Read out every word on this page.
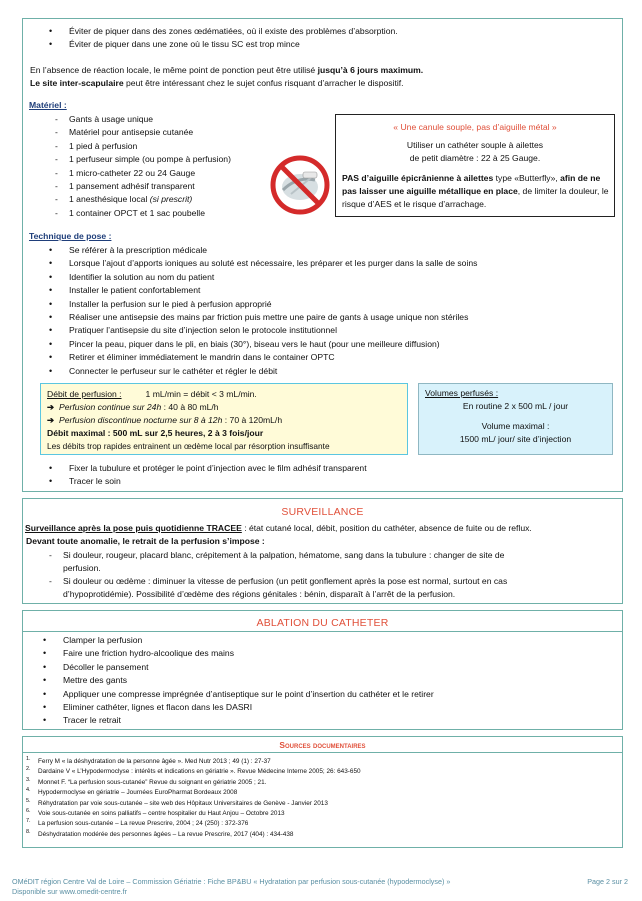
• Éviter de piquer dans des zones œdématiées, où il existe des problèmes d’absorption.
• Éviter de piquer dans une zone où le tissu SC est trop mince
En l’absence de réaction locale, le même point de ponction peut être utilisé jusqu’à 6 jours maximum.
Le site inter-scapulaire peut être intéressant chez le sujet confus risquant d’arracher le dispositif.
Matériel :
- Gants à usage unique
- Matériel pour antisepsie cutanée
- 1 pied à perfusion
- 1 perfuseur simple (ou pompe à perfusion)
- 1 micro-catheter 22 ou 24 Gauge
- 1 pansement adhésif transparent
- 1 anesthésique local (si prescrit)
- 1 container OPCT et 1 sac poubelle
« Une canule souple, pas d’aiguille métal »
Utiliser un cathéter souple à ailettes
de petit diamètre : 22 à 25 Gauge.
PAS d’aiguille épicrânienne à ailettes type «Butterfly», afin de ne pas laisser une aiguille métallique en place, de limiter la douleur, le risque d’AES et le risque d’arrachage.
Technique de pose :
• Se référer à la prescription médicale
• Lorsque l’ajout d’apports ioniques au soluté est nécessaire, les préparer et les purger dans la salle de soins
• Identifier la solution au nom du patient
• Installer le patient confortablement
• Installer la perfusion sur le pied à perfusion approprié
• Réaliser une antisepsie des mains par friction puis mettre une paire de gants à usage unique non stériles
• Pratiquer l’antisepsie du site d’injection selon le protocole institutionnel
• Pincer la peau, piquer dans le pli, en biais (30°), biseau vers le haut (pour une meilleure diffusion)
• Retirer et éliminer immédiatement le mandrin dans le container OPTC
• Connecter le perfuseur sur le cathéter et régler le débit
Débit de perfusion :	1 mL/min = débit < 3 mL/min.
➔ Perfusion continue sur 24h : 40 à 80 mL/h
➔ Perfusion discontinue nocturne sur 8 à 12h : 70 à 120mL/h
Débit maximal : 500 mL sur 2,5 heures, 2 à 3 fois/jour
Les débits trop rapides entrainent un œdème local par résorption insuffisante
Volumes perfusés :
En routine 2 x 500 mL / jour
Volume maximal :
1500 mL/ jour/ site d’injection
• Fixer la tubulure et protéger le point d’injection avec le film adhésif transparent
• Tracer le soin
SURVEILLANCE
Surveillance après la pose puis quotidienne TRACEE : état cutané local, débit, position du cathéter, absence de fuite ou de reflux.
Devant toute anomalie, le retrait de la perfusion s’impose :
- Si douleur, rougeur, placard blanc, crépitement à la palpation, hématome, sang dans la tubulure : changer de site de
perfusion.
- Si douleur ou œdème : diminuer la vitesse de perfusion (un petit gonflement après la pose est normal, surtout en cas
d’hypoprotidémie). Possibilité d’œdème des régions génitales : bénin, disparaît à l’arrêt de la perfusion.
ABLATION DU CATHETER
• Clamper la perfusion
• Faire une friction hydro-alcoolique des mains
• Décoller le pansement
• Mettre des gants
• Appliquer une compresse imprégnée d’antiseptique sur le point d’insertion du cathéter et le retirer
• Eliminer cathéter, lignes et flacon dans les DASRI
• Tracer le retrait
Sources documentaires
1. Ferry M « la déshydratation de la personne âgée ». Med Nutr 2013 ; 49 (1) : 27-37
2. Dardaine V « L’Hypodermoclyse : intérêts et indications en gériatrie ». Revue Médecine Interne 2005; 26: 643-650
3. Monnet F. “La perfusion sous-cutanée” Revue du soignant en gériatrie 2005 ; 21.
4. Hypodermoclyse en gériatrie – Journées EuroPharmat Bordeaux 2008
5. Réhydratation par voie sous-cutanée – site web des Hôpitaux Universitaires de Genève - Janvier 2013
6. Voie sous-cutanée en soins palliatifs – centre hospitalier du Haut Anjou – Octobre 2013
7. La perfusion sous-cutanée – La revue Prescrire, 2004 ; 24 (250) : 372-376
8. Déshydratation modérée des personnes âgées – La revue Prescrire, 2017 (404) : 434-438
OMéDIT région Centre Val de Loire – Commission Gériatrie : Fiche BP&BU « Hydratation par perfusion sous-cutanée (hypodermoclyse) »
Disponible sur www.omedit-centre.fr
Page 2 sur 2
